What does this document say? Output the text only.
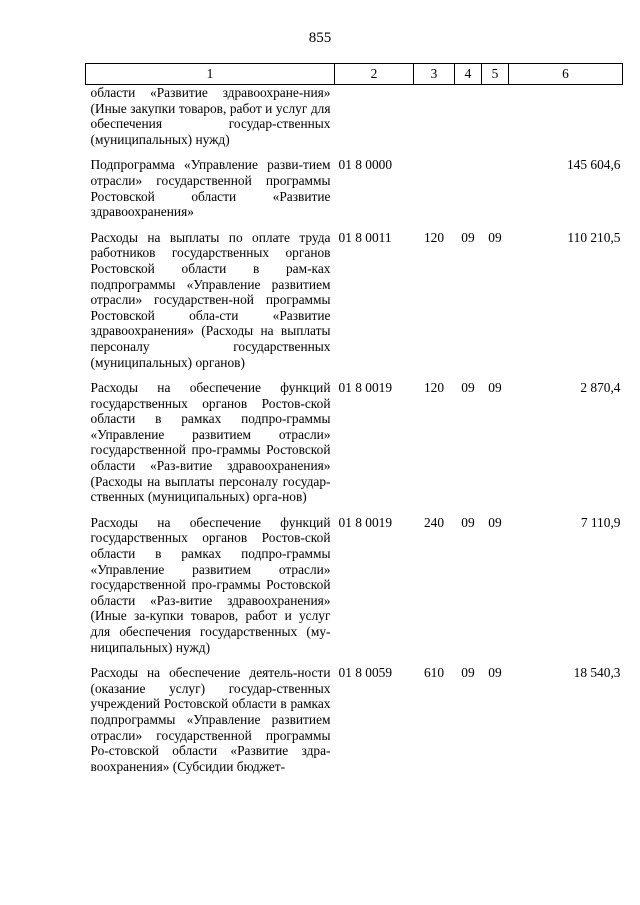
855
1	2	3	4	5	6
области «Развитие здравоохране-ния» (Иные закупки товаров, работ и услуг для обеспечения государ-ственных (муниципальных) нужд)					
Подпрограмма «Управление разви-тием отрасли» государственной программы Ростовской области «Развитие здравоохранения»	01 8 0000				145 604,6
Расходы на выплаты по оплате труда работников государственных органов Ростовской области в рам-ках подпрограммы «Управление развитием отрасли» государствен-ной программы Ростовской обла-сти «Развитие здравоохранения» (Расходы на выплаты персоналу государственных (муниципальных) органов)	01 8 0011	120	09	09	110 210,5
Расходы на обеспечение функций государственных органов Ростов-ской области в рамках подпро-граммы «Управление развитием отрасли» государственной про-граммы Ростовской области «Раз-витие здравоохранения» (Расходы на выплаты персоналу государ-ственных (муниципальных) орга-нов)	01 8 0019	120	09	09	2 870,4
Расходы на обеспечение функций государственных органов Ростов-ской области в рамках подпро-граммы «Управление развитием отрасли» государственной про-граммы Ростовской области «Раз-витие здравоохранения» (Иные за-купки товаров, работ и услуг для обеспечения государственных (му-ниципальных) нужд)	01 8 0019	240	09	09	7 110,9
Расходы на обеспечение деятель-ности (оказание услуг) государ-ственных учреждений Ростовской области в рамках подпрограммы «Управление развитием отрасли» государственной программы Ро-стовской области «Развитие здра-воохранения» (Субсидии бюджет-	01 8 0059	610	09	09	18 540,3
